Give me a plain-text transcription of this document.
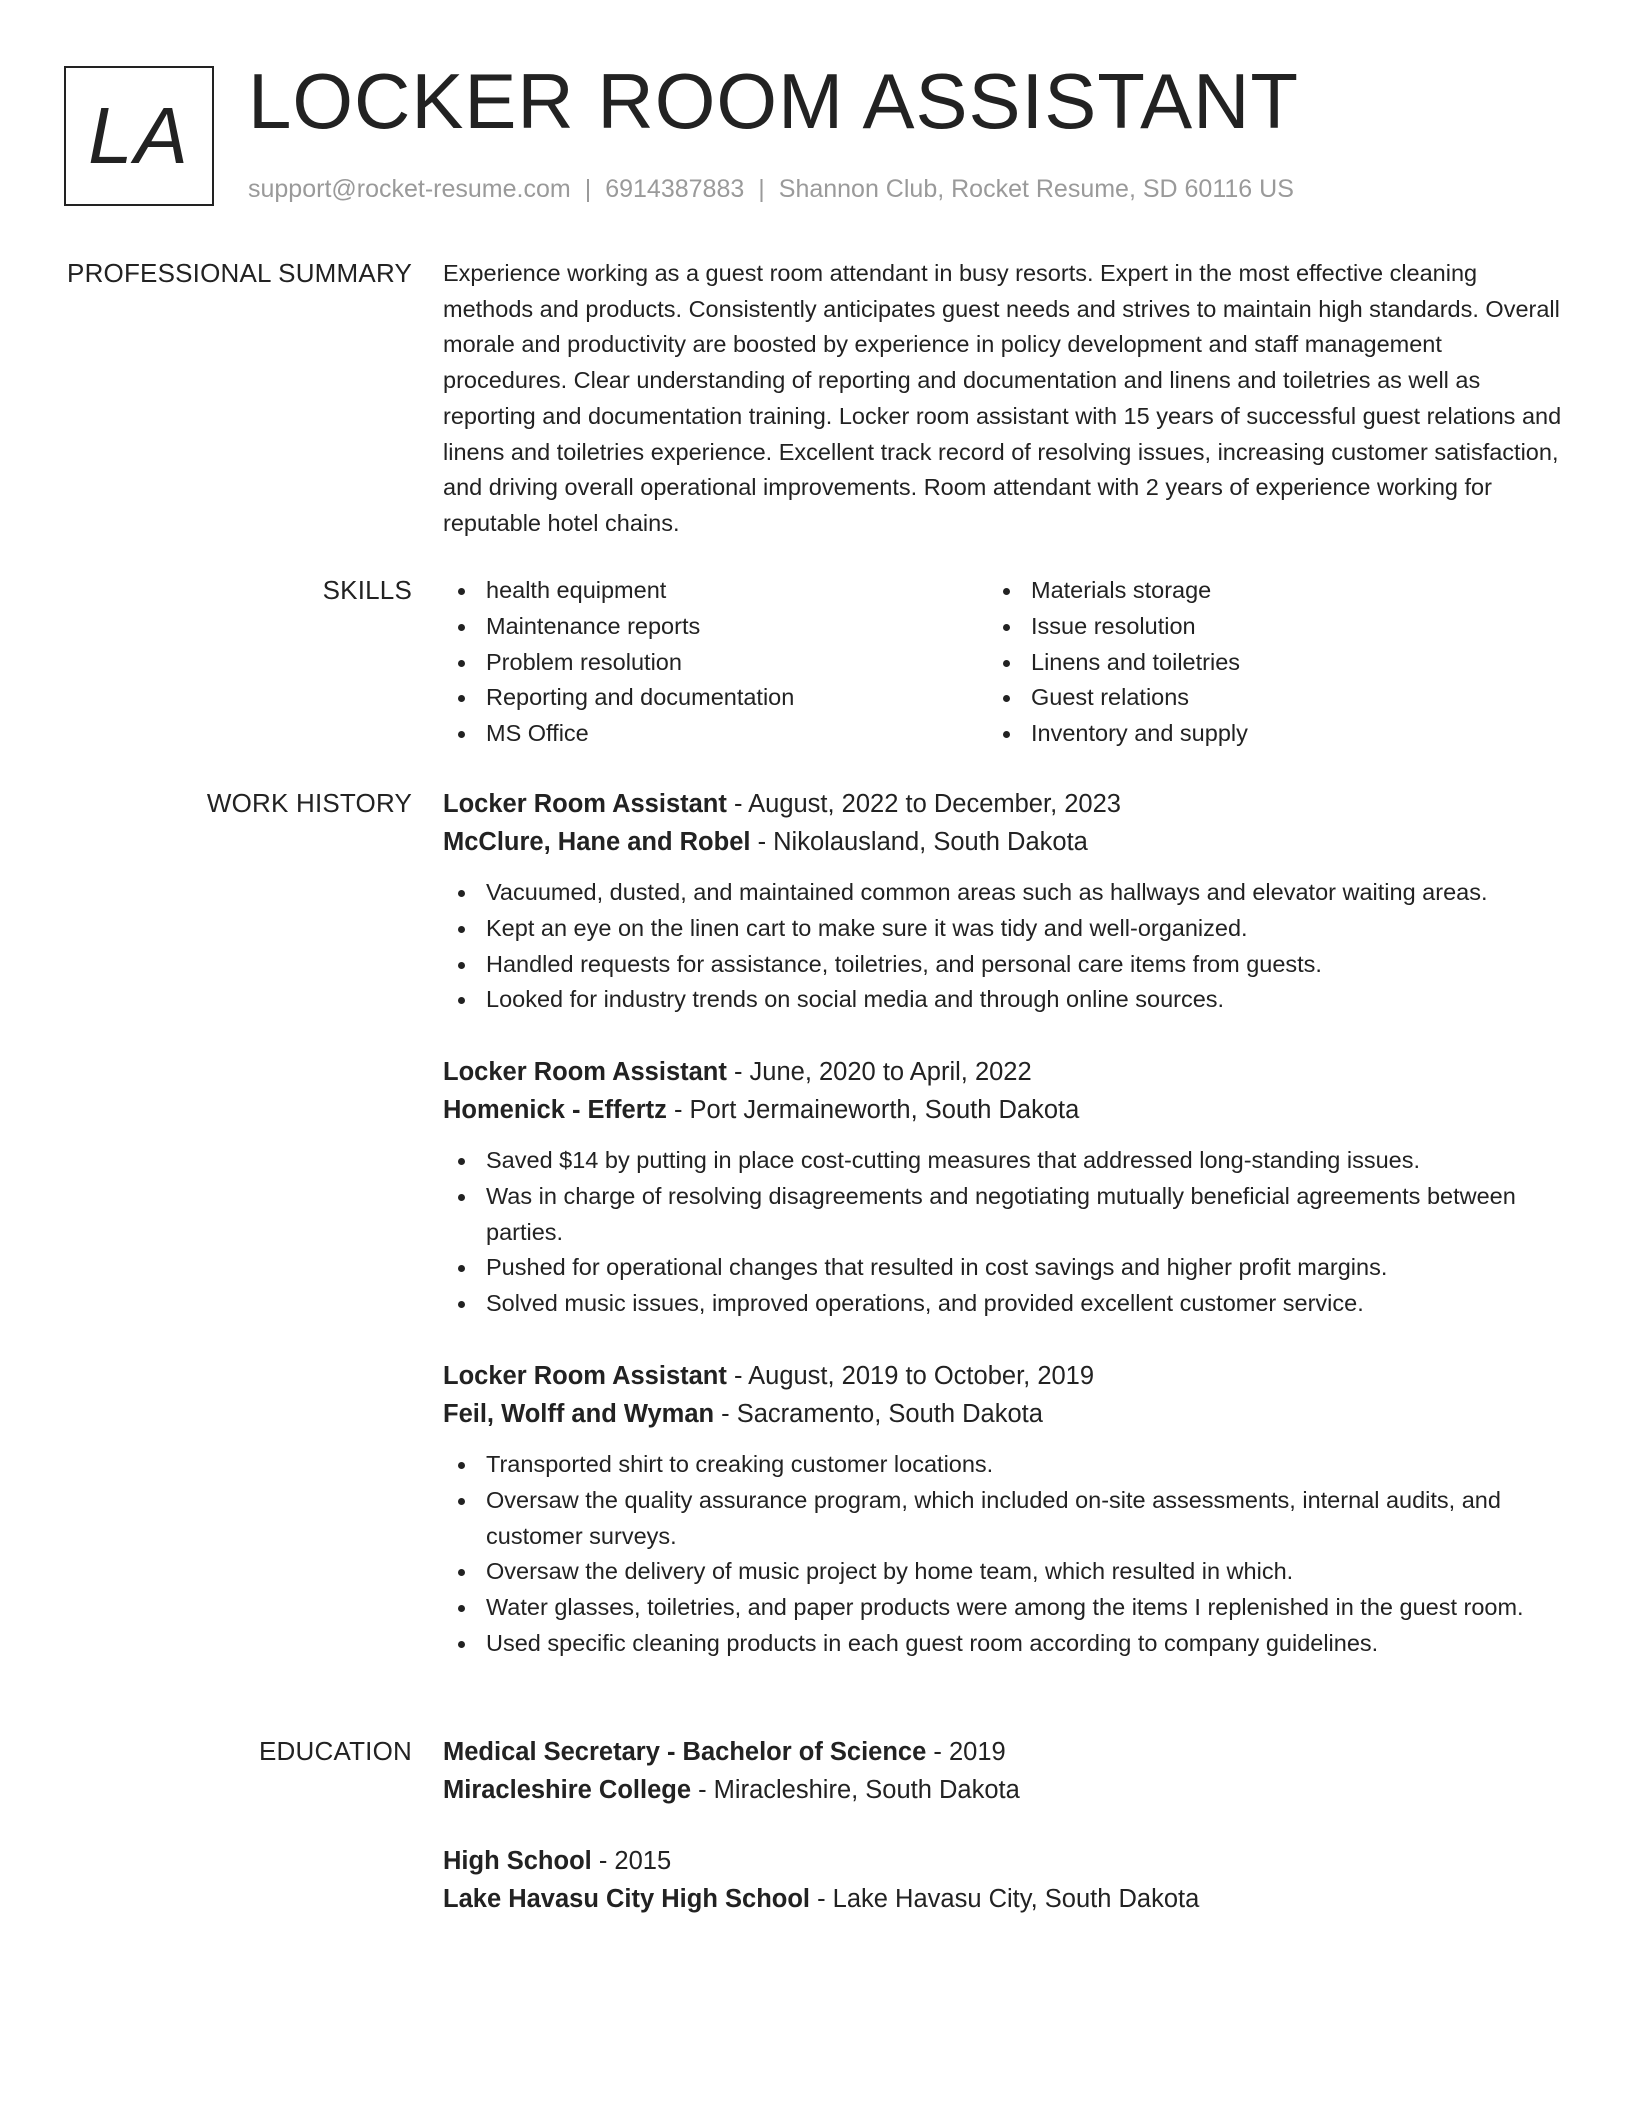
LA LOCKER ROOM ASSISTANT
support@rocket-resume.com | 6914387883 | Shannon Club, Rocket Resume, SD 60116 US
PROFESSIONAL SUMMARY Experience working as a guest room attendant in busy resorts. Expert in the most effective cleaning methods and products. Consistently anticipates guest needs and strives to maintain high standards. Overall morale and productivity are boosted by experience in policy development and staff management procedures. Clear understanding of reporting and documentation and linens and toiletries as well as reporting and documentation training. Locker room assistant with 15 years of successful guest relations and linens and toiletries experience. Excellent track record of resolving issues, increasing customer satisfaction, and driving overall operational improvements. Room attendant with 2 years of experience working for reputable hotel chains.

SKILLS	health equipment
Maintenance reports
Problem resolution
Reporting and documentation
MS Office
Materials storage
Issue resolution
Linens and toiletries
Guest relations
Inventory and supply
WORK HISTORY Locker Room Assistant - August, 2022 to December, 2023
McClure, Hane and Robel - Nikolausland, South Dakota
Vacuumed, dusted, and maintained common areas such as hallways and elevator waiting areas.
Kept an eye on the linen cart to make sure it was tidy and well-organized.
Handled requests for assistance, toiletries, and personal care items from guests.
Looked for industry trends on social media and through online sources.
Locker Room Assistant - June, 2020 to April, 2022
Homenick - Effertz - Port Jermaineworth, South Dakota
Saved $14 by putting in place cost-cutting measures that addressed long-standing issues.
Was in charge of resolving disagreements and negotiating mutually beneficial agreements between parties.
Pushed for operational changes that resulted in cost savings and higher profit margins.
Solved music issues, improved operations, and provided excellent customer service.
Locker Room Assistant - August, 2019 to October, 2019
Feil, Wolff and Wyman - Sacramento, South Dakota
Transported shirt to creaking customer locations.
Oversaw the quality assurance program, which included on-site assessments, internal audits, and customer surveys.
Oversaw the delivery of music project by home team, which resulted in which.
Water glasses, toiletries, and paper products were among the items I replenished in the guest room.
Used specific cleaning products in each guest room according to company guidelines.
EDUCATION Medical Secretary - Bachelor of Science - 2019
Miracleshire College - Miracleshire, South Dakota
High School - 2015
Lake Havasu City High School - Lake Havasu City, South Dakota
